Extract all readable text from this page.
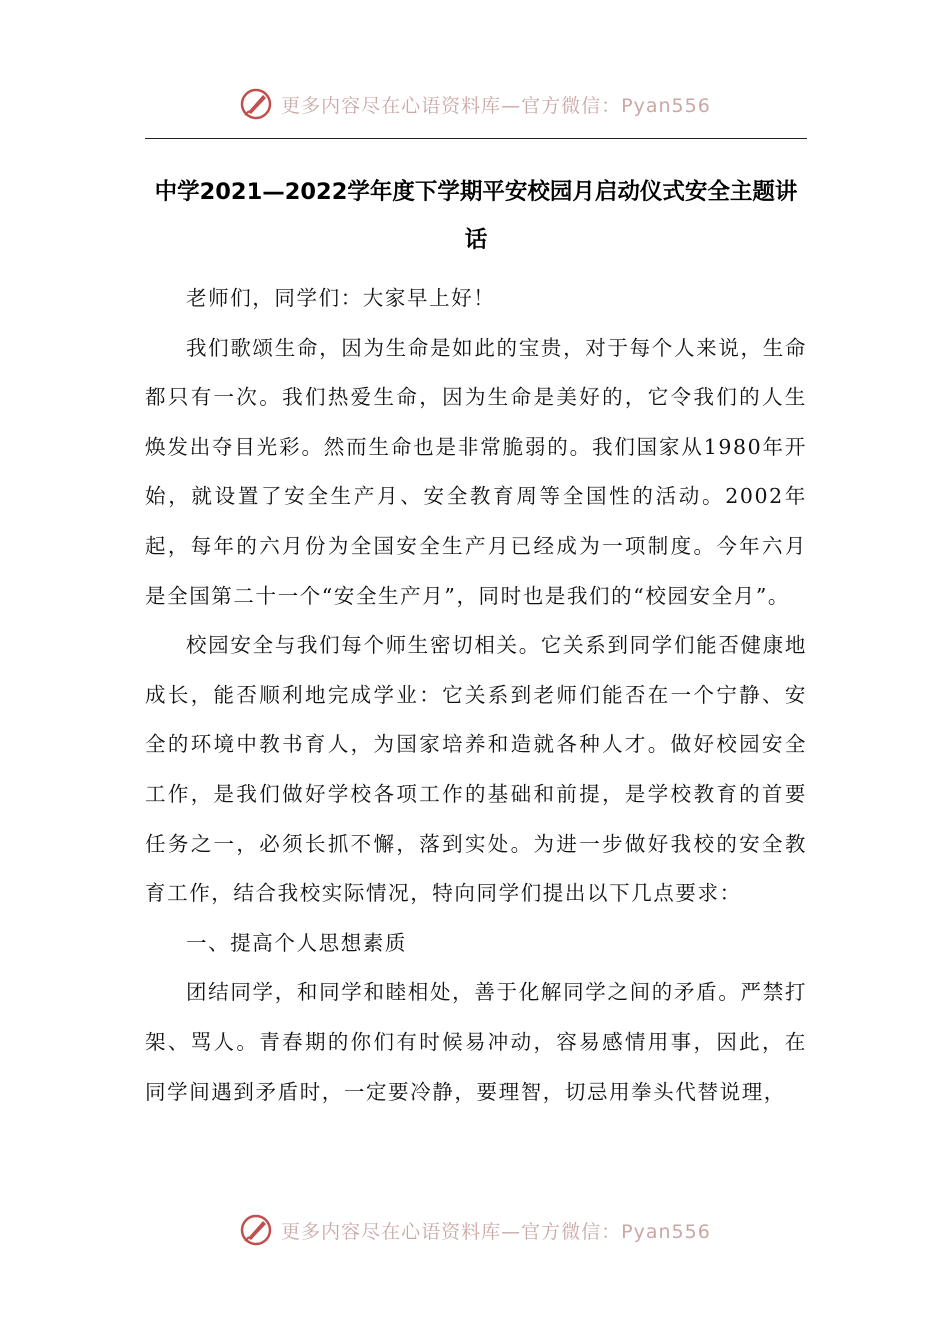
更多内容尽在心语资料库—官方微信：Pyan556
中学2021—2022学年度下学期平安校园月启动仪式安全主题讲话

老师们，同学们：大家早上好！

我们歌颂生命，因为生命是如此的宝贵，对于每个人来说，生命都只有一次。我们热爱生命，因为生命是美好的，它令我们的人生焕发出夺目光彩。然而生命也是非常脆弱的。我们国家从1980年开始，就设置了安全生产月、安全教育周等全国性的活动。2002年起，每年的六月份为全国安全生产月已经成为一项制度。今年六月是全国第二十一个“安全生产月”，同时也是我们的“校园安全月”。

校园安全与我们每个师生密切相关。它关系到同学们能否健康地成长，能否顺利地完成学业：它关系到老师们能否在一个宁静、安全的环境中教书育人，为国家培养和造就各种人才。做好校园安全工作，是我们做好学校各项工作的基础和前提，是学校教育的首要任务之一，必须长抓不懈，落到实处。为进一步做好我校的安全教育工作，结合我校实际情况，特向同学们提出以下几点要求：

一、提高个人思想素质

团结同学，和同学和睦相处，善于化解同学之间的矛盾。严禁打架、骂人。青春期的你们有时候易冲动，容易感情用事，因此，在同学间遇到矛盾时，一定要冷静，要理智，切忌用拳头代替说理，

更多内容尽在心语资料库—官方微信：Pyan556
